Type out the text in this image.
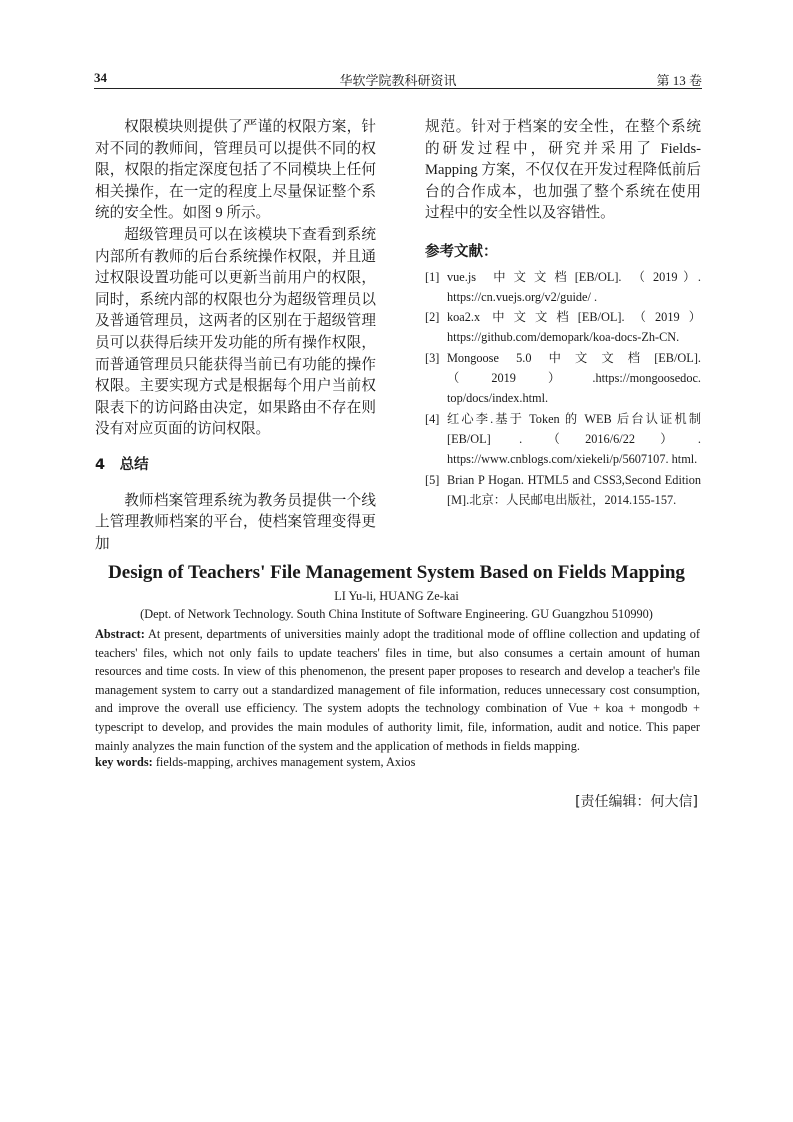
34	华软学院教科研资讯	第 13 卷

权限模块则提供了严谨的权限方案，针对不同的教师间，管理员可以提供不同的权限，权限的指定深度包括了不同模块上任何相关操作，在一定的程度上尽量保证整个系统的安全性。如图 9 所示。

超级管理员可以在该模块下查看到系统内部所有教师的后台系统操作权限，并且通过权限设置功能可以更新当前用户的权限，同时，系统内部的权限也分为超级管理员以及普通管理员，这两者的区别在于超级管理员可以获得后续开发功能的所有操作权限，而普通管理员只能获得当前已有功能的操作权限。主要实现方式是根据每个用户当前权限表下的访问路由决定，如果路由不存在则没有对应页面的访问权限。

4　总结

教师档案管理系统为教务员提供一个线上管理教师档案的平台，使档案管理变得更加

规范。针对于档案的安全性，在整个系统的研发过程中，研究并采用了 Fields-Mapping 方案，不仅仅在开发过程降低前后台的合作成本，也加强了整个系统在使用过程中的安全性以及容错性。

参考文献：

[1] vue.js　中 文 文 档 [EB/OL].　（ 2019 ）. https://cn.vuejs.org/v2/guide/ .
[2] koa2.x 中文文档[EB/OL].（2019）https://github.com/demopark/koa-docs-Zh-CN.
[3] Mongoose 5.0 中文文档[EB/OL].（2019）.https://mongoosedoc. top/docs/index.html.
[4] 红心李.基于 Token 的 WEB 后台认证机制[EB/OL] .（2016/6/22）. https://www.cnblogs.com/xiekeli/p/5607107. html.
[5] Brian P Hogan. HTML5 and CSS3,Second Edition [M].北京：人民邮电出版社，2014.155-157.
Design of Teachers' File Management System Based on Fields Mapping
LI Yu-li, HUANG Ze-kai
(Dept. of Network Technology. South China Institute of Software Engineering. GU Guangzhou 510990)
Abstract: At present, departments of universities mainly adopt the traditional mode of offline collection and updating of teachers' files, which not only fails to update teachers' files in time, but also consumes a certain amount of human resources and time costs. In view of this phenomenon, the present paper proposes to research and develop a teacher's file management system to carry out a standardized management of file information, reduces unnecessary cost consumption, and improve the overall use efficiency. The system adopts the technology combination of Vue + koa + mongodb + typescript to develop, and provides the main modules of authority limit, file, information, audit and notice. This paper mainly analyzes the main function of the system and the application of methods in fields mapping.
key words: fields-mapping, archives management system, Axios
[责任编辑：何大信]
